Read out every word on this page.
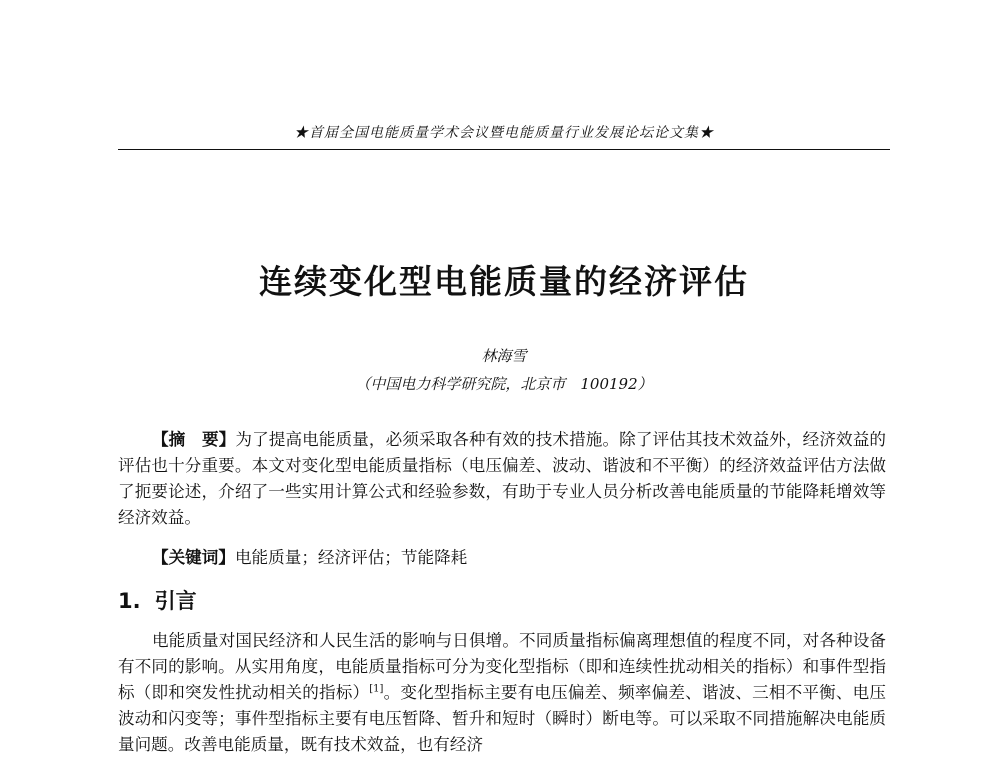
★首届全国电能质量学术会议暨电能质量行业发展论坛论文集★
连续变化型电能质量的经济评估
林海雪
（中国电力科学研究院，北京市　100192）

【摘　要】为了提高电能质量，必须采取各种有效的技术措施。除了评估其技术效益外，经济效益的评估也十分重要。本文对变化型电能质量指标（电压偏差、波动、谐波和不平衡）的经济效益评估方法做了扼要论述，介绍了一些实用计算公式和经验参数，有助于专业人员分析改善电能质量的节能降耗增效等经济效益。

【关键词】电能质量；经济评估；节能降耗

1. 引言

电能质量对国民经济和人民生活的影响与日俱增。不同质量指标偏离理想值的程度不同，对各种设备有不同的影响。从实用角度，电能质量指标可分为变化型指标（即和连续性扰动相关的指标）和事件型指标（即和突发性扰动相关的指标）[1]。变化型指标主要有电压偏差、频率偏差、谐波、三相不平衡、电压波动和闪变等；事件型指标主要有电压暂降、暂升和短时（瞬时）断电等。可以采取不同措施解决电能质量问题。改善电能质量，既有技术效益，也有经济
